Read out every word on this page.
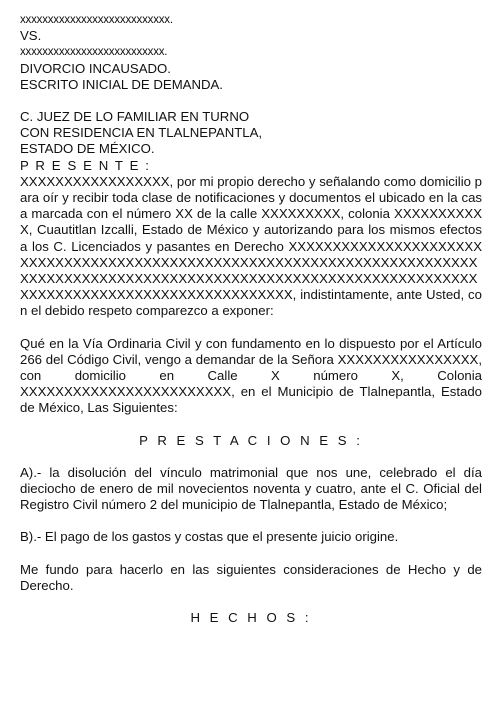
xxxxxxxxxxxxxxxxxxxxxxxxxxx.
VS.
xxxxxxxxxxxxxxxxxxxxxxxxxx.
DIVORCIO INCAUSADO.
ESCRITO INICIAL DE DEMANDA.
C. JUEZ DE LO FAMILIAR EN TURNO
CON RESIDENCIA EN TLALNEPANTLA,
ESTADO DE MÉXICO.
P R E S E N T E :

XXXXXXXXXXXXXXXXX, por mi propio derecho y señalando como domicilio para oír y recibir toda clase de notificaciones y documentos el ubicado en la casa marcada con el número XX de la calle XXXXXXXXX, colonia XXXXXXXXXXX, Cuautitlan Izcalli, Estado de México y autorizando para los mismos efectos a los C. Licenciados y pasantes en Derecho XXXXXXXXXXXXXXXXXXXXXXXXXXXXXXXXXXXXXXXXXXXXXXXXXXXXXXXXXXXXXXXXXXXXXXXXXXXXXXXXXXXXXXXXXXXXXXXXXXXXXXXXXXXXXXXXXXXXXXXXXXXXXXXXXXXXXXXXXXXXXXXXXXXXXXXXXXXXX, indistintamente, ante Usted, con el debido respeto comparezco a exponer:

Qué en la Vía Ordinaria Civil y con fundamento en lo dispuesto por el Artículo 266 del Código Civil, vengo a demandar de la Señora XXXXXXXXXXXXXXXX, con domicilio en Calle X número X, Colonia XXXXXXXXXXXXXXXXXXXXXXXX, en el Municipio de Tlalnepantla, Estado de México, Las Siguientes:

P R E S T A C I O N E S :

A).- la disolución del vínculo matrimonial que nos une, celebrado el día dieciocho de enero de mil novecientos noventa y cuatro, ante el C. Oficial del Registro Civil número 2 del municipio de Tlalnepantla, Estado de México;

B).- El pago de los gastos y costas que el presente juicio origine.

Me fundo para hacerlo en las siguientes consideraciones de Hecho y de Derecho.

H E C H O S :
